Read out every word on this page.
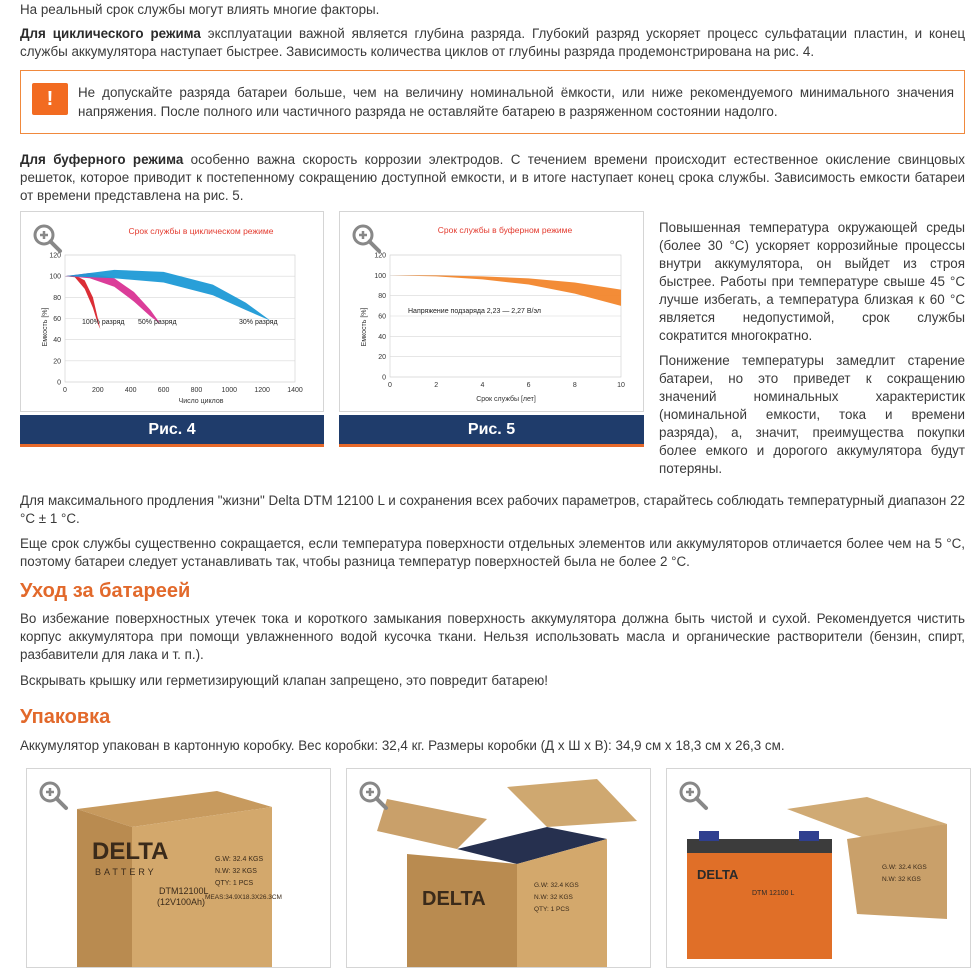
На реальный срок службы могут влиять многие факторы.

Для циклического режима эксплуатации важной является глубина разряда. Глубокий разряд ускоряет процесс сульфатации пластин, и конец службы аккумулятора наступает быстрее. Зависимость количества циклов от глубины разряда продемонстрирована на рис. 4.

!	Не допускайте разряда батареи больше, чем на величину номинальной ёмкости, или ниже рекомендуемого минимального значения напряжения. После полного или частичного разряда не оставляйте батарею в разряженном состоянии надолго.

Для буферного режима особенно важна скорость коррозии электродов. С течением времени происходит естественное окисление свинцовых решеток, которое приводит к постепенному сокращению доступной емкости, и в итоге наступает конец срока службы. Зависимость емкости батареи от времени представлена на рис. 5.

Срок службы в циклическом режиме
0
20
40
60
80
100
120
0	200	400	600	800	1000 1200 1400
Емкость [%]
Число циклов
100% разряд 50% разряд	30% разряд
Рис. 4
Срок службы в буферном режиме
0
20
40
60
80
100
120
0	2	4	6	8	10
Емкость [%]
Срок службы [лет]
Напряжение подзаряда 2,23 — 2,27 В/эл
Рис. 5

Повышенная температура окружающей среды (более 30 °C) ускоряет коррозийные процессы внутри аккумулятора, он выйдет из строя быстрее. Работы при температуре свыше 45 °C лучше избегать, а температура близкая к 60 °C является недопустимой, срок службы сократится многократно.

Понижение температуры замедлит старение батареи, но это приведет к сокращению значений номинальных характеристик (номинальной емкости, тока и времени разряда), а, значит, преимущества покупки более емкого и дорогого аккумулятора будут потеряны.

Для максимального продления "жизни" Delta DTM 12100 L и сохранения всех рабочих параметров, старайтесь соблюдать температурный диапазон 22 °C ± 1 °C.

Еще срок службы существенно сокращается, если температура поверхности отдельных элементов или аккумуляторов отличается более чем на 5 °C, поэтому батареи следует устанавливать так, чтобы разница температур поверхностей была не более 2 °C.

Уход за батареей

Во избежание поверхностных утечек тока и короткого замыкания поверхность аккумулятора должна быть чистой и сухой. Рекомендуется чистить корпус аккумулятора при помощи увлажненного водой кусочка ткани. Нельзя использовать масла и органические растворители (бензин, спирт, разбавители для лака и т. п.).

Вскрывать крышку или герметизирующий клапан запрещено, это повредит батарею!

Упаковка

Аккумулятор упакован в картонную коробку. Вес коробки: 32,4 кг. Размеры коробки (Д х Ш х В): 34,9 см х 18,3 см х 26,3 см.

DELTA
BATTERY
DTM12100L
(12V100Ah)
G.W: 32.4 KGS
N.W: 32 KGS
QTY: 1 PCS
MEAS:34.9X18.3X26.3CM	DELTA
G.W: 32.4 KGS
N.W: 32 KGS
QTY: 1 PCS
G.W: 32.4 KGS
N.W: 32 KGS
DELTA
DTM 12100 L
